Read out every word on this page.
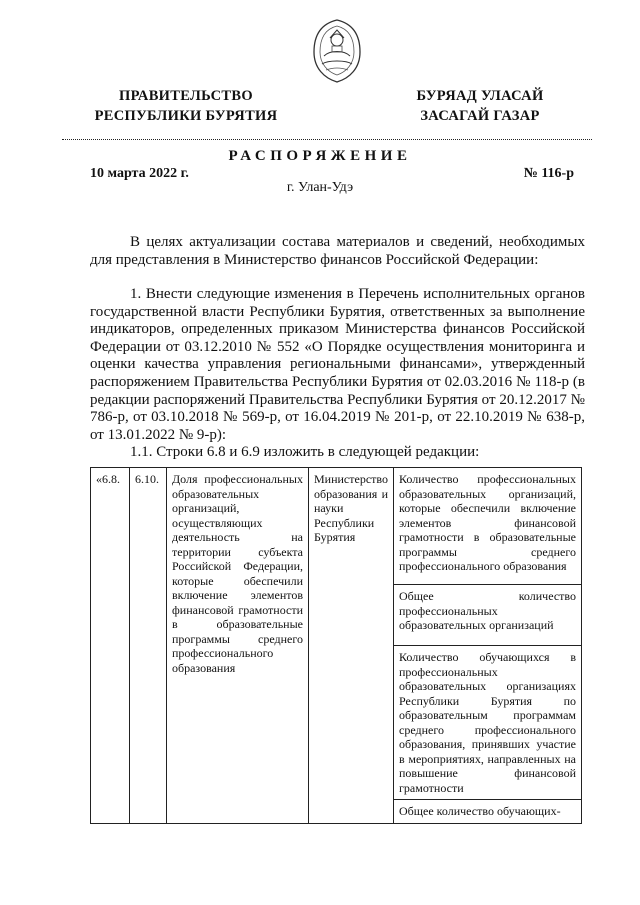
ПРАВИТЕЛЬСТВО
РЕСПУБЛИКИ БУРЯТИЯ
БУРЯАД УЛАСАЙ
ЗАСАГАЙ ГАЗАР
РАСПОРЯЖЕНИЕ
10 марта 2022 г.	№ 116-р
г. Улан-Удэ
В целях актуализации состава материалов и сведений, необходимых для представления в Министерство финансов Российской Федерации:
1. Внести следующие изменения в Перечень исполнительных органов государственной власти Республики Бурятия, ответственных за выполнение индикаторов, определенных приказом Министерства финансов Российской Федерации от 03.12.2010 № 552 «О Порядке осуществления мониторинга и оценки качества управления региональными финансами», утвержденный распоряжением Правительства Республики Бурятия от 02.03.2016 № 118-р (в редакции распоряжений Правительства Республики Бурятия от 20.12.2017 № 786-р, от 03.10.2018 № 569-р, от 16.04.2019 № 201-р, от 22.10.2019 № 638-р, от 13.01.2022 № 9-р):
1.1. Строки 6.8 и 6.9 изложить в следующей редакции:
«6.8.	6.10.	Доля профессиональных образовательных организаций, осуществляющих деятельность на территории субъекта Российской Федерации, которые обеспечили включение элементов финансовой грамотности в образовательные программы среднего профессионального образования	Министерство образования и науки Республики Бурятия	Количество профессиональных образовательных организаций, которые обеспечили включение элементов финансовой грамотности в образовательные программы среднего профессионального образования
Общее количество профессиональных образовательных организаций
Количество обучающихся в профессиональных образовательных организациях Республики Бурятия по образовательным программам среднего профессионального образования, принявших участие в мероприятиях, направленных на повышение финансовой грамотности
Общее количество обучающих-
